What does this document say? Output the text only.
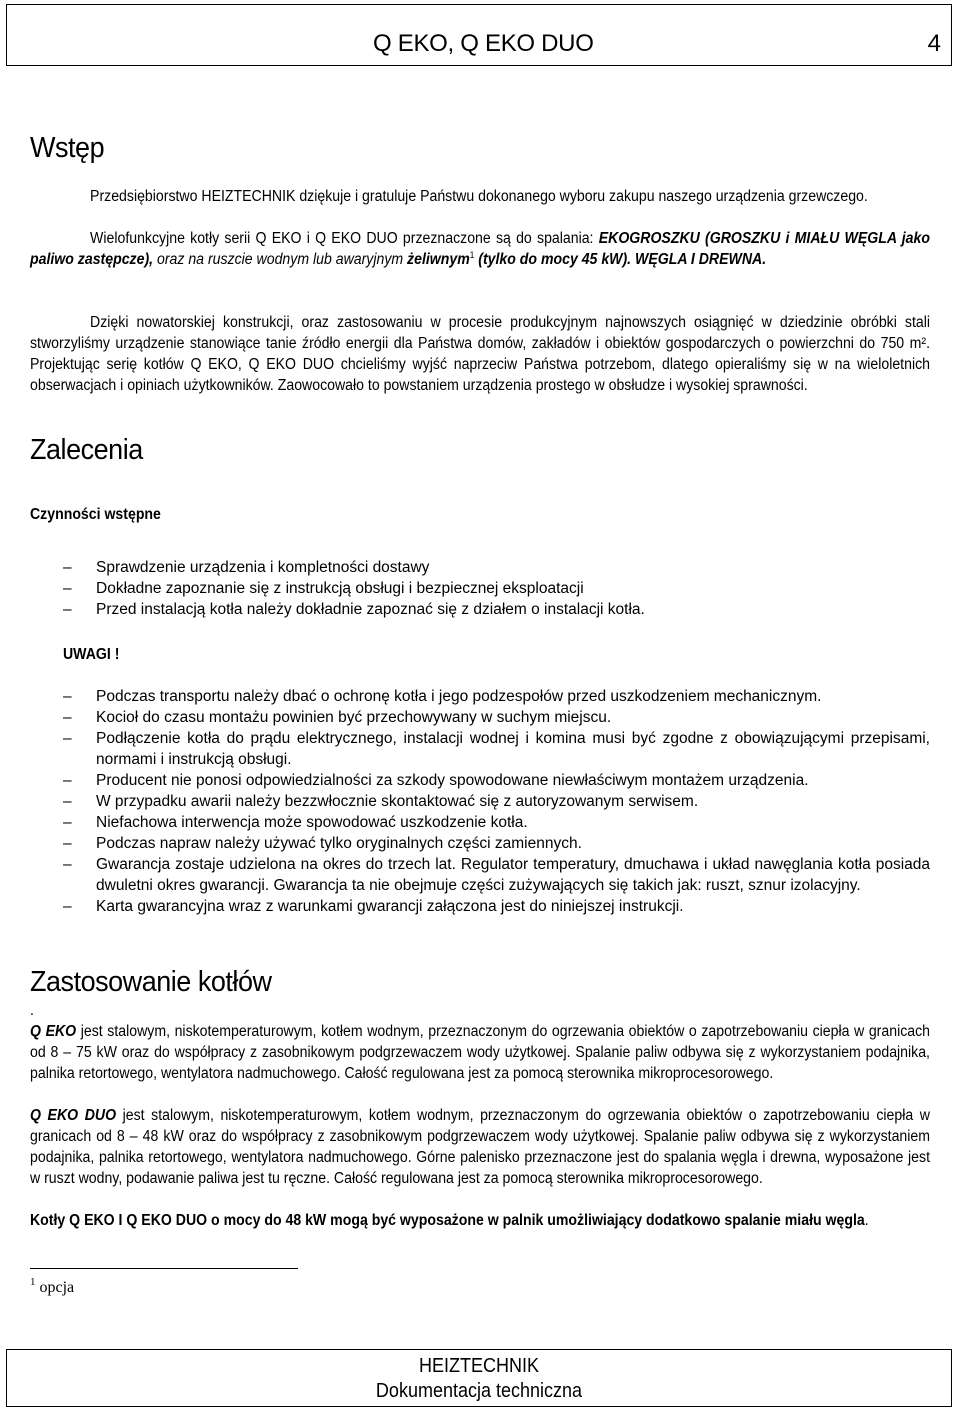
Q EKO, Q EKO DUO	4
Wstęp
Przedsiębiorstwo HEIZTECHNIK dziękuje i gratuluje Państwu dokonanego wyboru zakupu naszego urządzenia grzewczego.
Wielofunkcyjne kotły serii Q EKO i Q EKO DUO przeznaczone są do spalania: EKOGROSZKU (GROSZKU i MIAŁU WĘGLA jako paliwo zastępcze), oraz na ruszcie wodnym lub awaryjnym żeliwnym$^1$ (tylko do mocy 45 kW). WĘGLA I DREWNA.
Dzięki nowatorskiej konstrukcji, oraz zastosowaniu w procesie produkcyjnym najnowszych osiągnięć w dziedzinie obróbki stali stworzyliśmy urządzenie stanowiące tanie źródło energii dla Państwa domów, zakładów i obiektów gospodarczych o powierzchni do 750 m². Projektując serię kotłów Q EKO, Q EKO DUO chcieliśmy wyjść naprzeciw Państwa potrzebom, dlatego opieraliśmy się w na wieloletnich obserwacjach i opiniach użytkowników. Zaowocowało to powstaniem urządzenia prostego w obsłudze i wysokiej sprawności.
Zalecenia
Czynności wstępne
– Sprawdzenie urządzenia i kompletności dostawy
– Dokładne zapoznanie się z instrukcją obsługi i bezpiecznej eksploatacji
– Przed instalacją kotła należy dokładnie zapoznać się z działem o instalacji kotła.
UWAGI !
– Podczas transportu należy dbać o ochronę kotła i jego podzespołów przed uszkodzeniem mechanicznym.
– Kocioł do czasu montażu powinien być przechowywany w suchym miejscu.
– Podłączenie kotła do prądu elektrycznego, instalacji wodnej i komina musi być zgodne z obowiązującymi przepisami, normami i instrukcją obsługi.
– Producent nie ponosi odpowiedzialności za szkody spowodowane niewłaściwym montażem urządzenia.
– W przypadku awarii należy bezzwłocznie skontaktować się z autoryzowanym serwisem.
– Niefachowa interwencja może spowodować uszkodzenie kotła.
– Podczas napraw należy używać tylko oryginalnych części zamiennych.
– Gwarancja zostaje udzielona na okres do trzech lat. Regulator temperatury, dmuchawa i układ nawęglania kotła posiada dwuletni okres gwarancji. Gwarancja ta nie obejmuje części zużywających się takich jak: ruszt, sznur izolacyjny.
– Karta gwarancyjna wraz z warunkami gwarancji załączona jest do niniejszej instrukcji.
Zastosowanie kotłów
.
Q EKO jest stalowym, niskotemperaturowym, kotłem wodnym, przeznaczonym do ogrzewania obiektów o zapotrzebowaniu ciepła w granicach od 8 – 75 kW oraz do współpracy z zasobnikowym podgrzewaczem wody użytkowej. Spalanie paliw odbywa się z wykorzystaniem podajnika, palnika retortowego, wentylatora nadmuchowego. Całość regulowana jest za pomocą sterownika mikroprocesorowego.
Q EKO DUO jest stalowym, niskotemperaturowym, kotłem wodnym, przeznaczonym do ogrzewania obiektów o zapotrzebowaniu ciepła w granicach od 8 – 48 kW oraz do współpracy z zasobnikowym podgrzewaczem wody użytkowej. Spalanie paliw odbywa się z wykorzystaniem podajnika, palnika retortowego, wentylatora nadmuchowego. Górne palenisko przeznaczone jest do spalania węgla i drewna, wyposażone jest w ruszt wodny, podawanie paliwa jest tu ręczne. Całość regulowana jest za pomocą sterownika mikroprocesorowego.
Kotły Q EKO I Q EKO DUO o mocy do 48 kW mogą być wyposażone w palnik umożliwiający dodatkowo spalanie miału węgla.
$^1$ opcja
HEIZTECHNIK
Dokumentacja techniczna
